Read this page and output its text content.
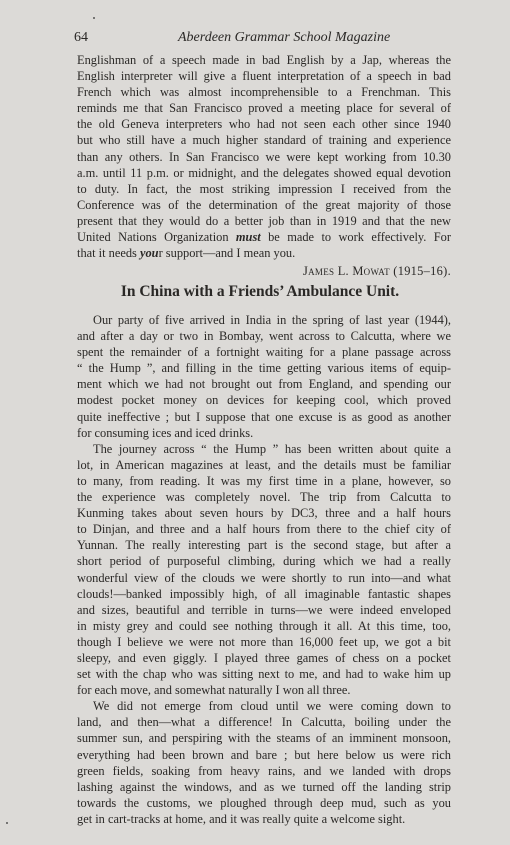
64	Aberdeen Grammar School Magazine
Englishman of a speech made in bad English by a Jap, whereas the
English interpreter will give a fluent interpretation of a speech in bad
French which was almost incomprehensible to a Frenchman. This
reminds me that San Francisco proved a meeting place for several of
the old Geneva interpreters who had not seen each other since 1940
but who still have a much higher standard of training and experience
than any others. In San Francisco we were kept working from 10.30
a.m. until 11 p.m. or midnight, and the delegates showed equal devotion
to duty. In fact, the most striking impression I received from the
Conference was of the determination of the great majority of those
present that they would do a better job than in 1919 and that the new
United Nations Organization must be made to work effectively. For
that it needs your support—and I mean you.
James L. Mowat (1915–16).
In China with a Friends’ Ambulance Unit.
Our party of five arrived in India in the spring of last year (1944),
and after a day or two in Bombay, went across to Calcutta, where we
spent the remainder of a fortnight waiting for a plane passage across
“ the Hump ”, and filling in the time getting various items of equip-
ment which we had not brought out from England, and spending our
modest pocket money on devices for keeping cool, which proved
quite ineffective ; but I suppose that one excuse is as good as another
for consuming ices and iced drinks.
The journey across “ the Hump ” has been written about quite a
lot, in American magazines at least, and the details must be familiar
to many, from reading. It was my first time in a plane, however, so
the experience was completely novel. The trip from Calcutta to
Kunming takes about seven hours by DC3, three and a half hours
to Dinjan, and three and a half hours from there to the chief city of
Yunnan. The really interesting part is the second stage, but after a
short period of purposeful climbing, during which we had a really
wonderful view of the clouds we were shortly to run into—and what
clouds!—banked impossibly high, of all imaginable fantastic shapes
and sizes, beautiful and terrible in turns—we were indeed enveloped
in misty grey and could see nothing through it all. At this time, too,
though I believe we were not more than 16,000 feet up, we got a bit
sleepy, and even giggly. I played three games of chess on a pocket
set with the chap who was sitting next to me, and had to wake him up
for each move, and somewhat naturally I won all three.
We did not emerge from cloud until we were coming down to
land, and then—what a difference! In Calcutta, boiling under the
summer sun, and perspiring with the steams of an imminent monsoon,
everything had been brown and bare ; but here below us were rich
green fields, soaking from heavy rains, and we landed with drops
lashing against the windows, and as we turned off the landing strip
towards the customs, we ploughed through deep mud, such as you
get in cart-tracks at home, and it was really quite a welcome sight.
